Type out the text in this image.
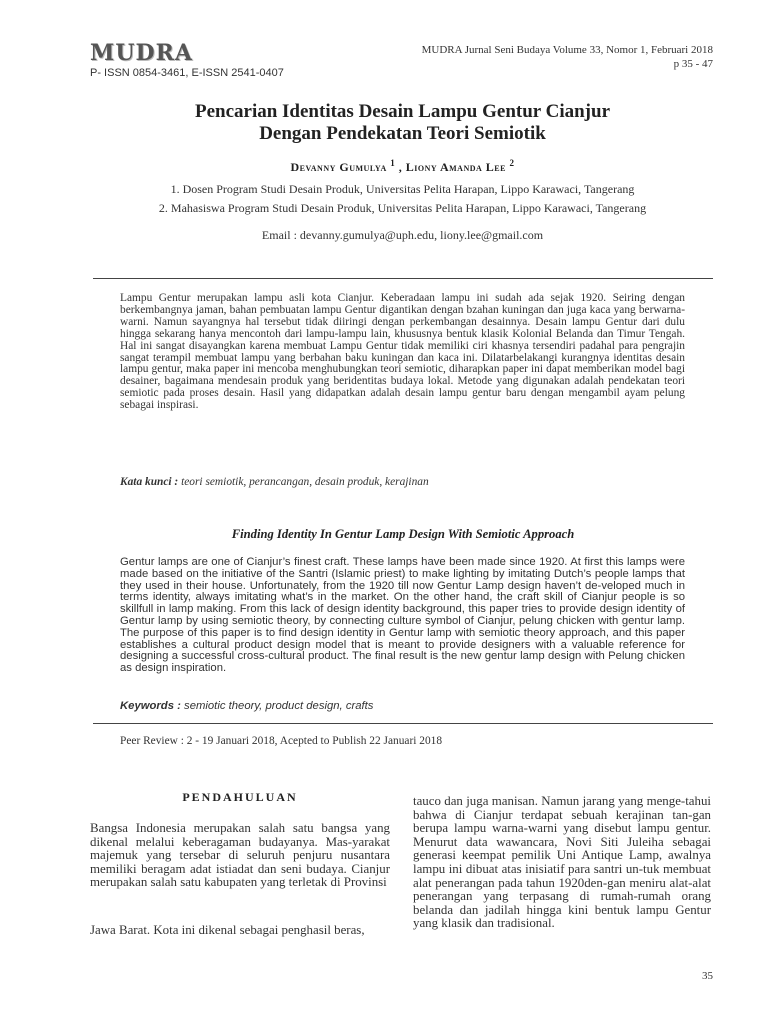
MUDRA
P- ISSN 0854-3461, E-ISSN 2541-0407
MUDRA Jurnal Seni Budaya Volume 33, Nomor 1, Februari 2018
p 35 - 47
Pencarian Identitas Desain Lampu Gentur Cianjur
Dengan Pendekatan Teori Semiotik
Devanny Gumulya $^1$ , Liony Amanda Lee $^2$
1. Dosen Program Studi Desain Produk, Universitas Pelita Harapan, Lippo Karawaci, Tangerang
2. Mahasiswa Program Studi Desain Produk, Universitas Pelita Harapan, Lippo Karawaci, Tangerang
Email : devanny.gumulya@uph.edu, liony.lee@gmail.com
Lampu Gentur merupakan lampu asli kota Cianjur. Keberadaan lampu ini sudah ada sejak 1920. Seiring dengan berkembangnya jaman, bahan pembuatan lampu Gentur digantikan dengan bzahan kuningan dan juga kaca yang berwarna-warni. Namun sayangnya hal tersebut tidak diiringi dengan perkembangan desainnya. Desain lampu Gentur dari dulu hingga sekarang hanya mencontoh dari lampu-lampu lain, khususnya bentuk klasik Kolonial Belanda dan Timur Tengah. Hal ini sangat disayangkan karena membuat Lampu Gentur tidak memiliki ciri khasnya tersendiri padahal para pengrajin sangat terampil membuat lampu yang berbahan baku kuningan dan kaca ini. Dilatarbelakangi kurangnya identitas desain lampu gentur, maka paper ini mencoba menghubungkan teori semiotic, diharapkan paper ini dapat memberikan model bagi desainer, bagaimana mendesain produk yang beridentitas budaya lokal. Metode yang digunakan adalah pendekatan teori semiotic pada proses desain. Hasil yang didapatkan adalah desain lampu gentur baru dengan mengambil ayam pelung sebagai inspirasi.
Kata kunci : teori semiotik, perancangan, desain produk, kerajinan
Finding Identity In Gentur Lamp Design With Semiotic Approach
Gentur lamps are one of Cianjur’s finest craft. These lamps have been made since 1920. At first this lamps were made based on the initiative of the Santri (Islamic priest) to make lighting by imitating Dutch’s people lamps that they used in their house. Unfortunately, from the 1920 till now Gentur Lamp design haven’t de-veloped much in terms identity, always imitating what’s in the market. On the other hand, the craft skill of Cianjur people is so skillfull in lamp making. From this lack of design identity background, this paper tries to provide design identity of Gentur lamp by using semiotic theory, by connecting culture symbol of Cianjur, pelung chicken with gentur lamp. The purpose of this paper is to find design identity in Gentur lamp with semiotic theory approach, and this paper establishes a cultural product design model that is meant to provide designers with a valuable reference for designing a successful cross-cultural product. The final result is the new gentur lamp design with Pelung chicken as design inspiration.
Keywords : semiotic theory, product design, crafts
Peer Review : 2 - 19 Januari 2018, Acepted to Publish 22 Januari 2018
PENDAHULUAN
Bangsa Indonesia merupakan salah satu bangsa yang dikenal melalui keberagaman budayanya. Mas-yarakat majemuk yang tersebar di seluruh penjuru nusantara memiliki beragam adat istiadat dan seni budaya. Cianjur merupakan salah satu kabupaten yang terletak di Provinsi
Jawa Barat. Kota ini dikenal sebagai penghasil beras,
tauco dan juga manisan. Namun jarang yang menge-tahui bahwa di Cianjur terdapat sebuah kerajinan tan-gan berupa lampu warna-warni yang disebut lampu gentur. Menurut data wawancara, Novi Siti Juleiha sebagai generasi keempat pemilik Uni Antique Lamp, awalnya lampu ini dibuat atas inisiatif para santri un-tuk membuat alat penerangan pada tahun 1920den-gan meniru alat-alat penerangan yang terpasang di rumah-rumah orang belanda dan jadilah hingga kini bentuk lampu Gentur yang klasik dan tradisional.
35
